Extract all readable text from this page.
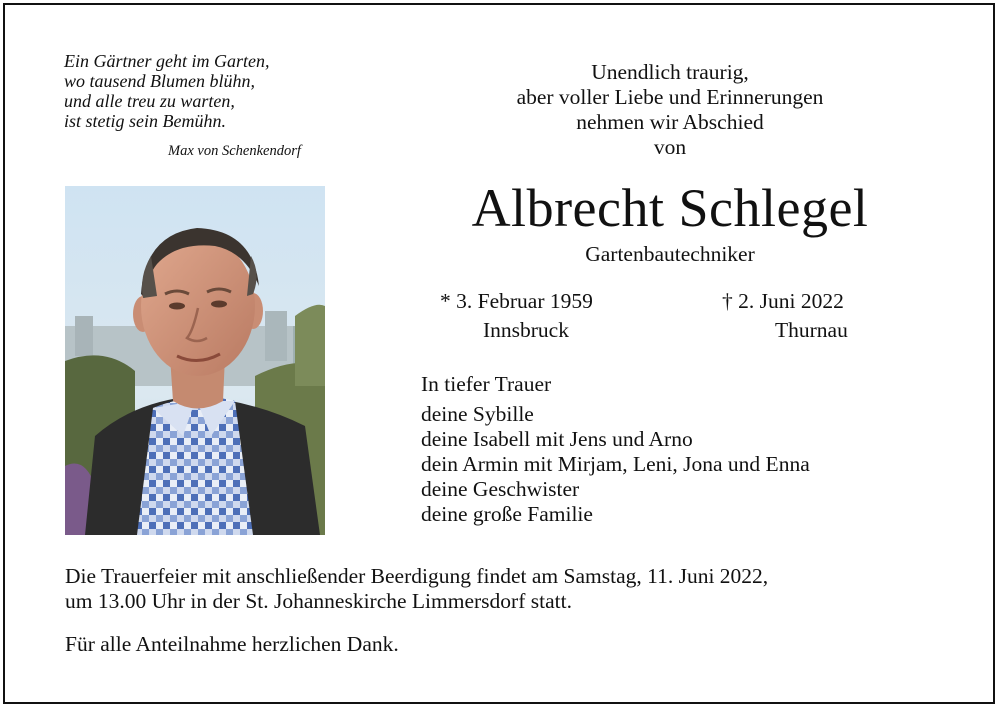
Ein Gärtner geht im Garten,
wo tausend Blumen blühn,
und alle treu zu warten,
ist stetig sein Bemühn.
Max von Schenkendorf
Unendlich traurig,
aber voller Liebe und Erinnerungen
nehmen wir Abschied
von
Albrecht Schlegel
Gartenbautechniker
* 3. Februar 1959
Innsbruck
† 2. Juni 2022
Thurnau
In tiefer Trauer
deine Sybille
deine Isabell mit Jens und Arno
dein Armin mit Mirjam, Leni, Jona und Enna
deine Geschwister
deine große Familie
Die Trauerfeier mit anschließender Beerdigung findet am Samstag, 11. Juni 2022,
um 13.00 Uhr in der St. Johanneskirche Limmersdorf statt.
Für alle Anteilnahme herzlichen Dank.
